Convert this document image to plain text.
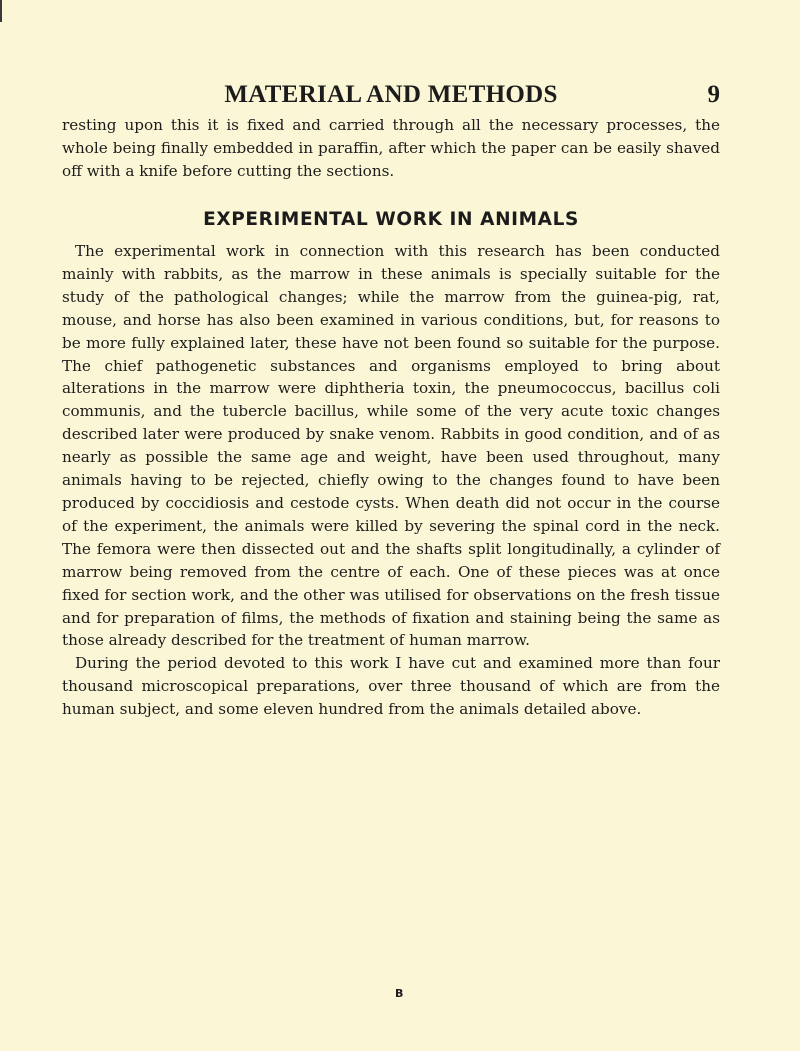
MATERIAL AND METHODS	9

resting upon this it is fixed and carried through all the necessary processes, the whole being finally embedded in paraffin, after which the paper can be easily shaved off with a knife before cutting the sections.

EXPERIMENTAL WORK IN ANIMALS

The experimental work in connection with this research has been conducted mainly with rabbits, as the marrow in these animals is specially suitable for the study of the pathological changes; while the marrow from the guinea-pig, rat, mouse, and horse has also been examined in various conditions, but, for reasons to be more fully explained later, these have not been found so suitable for the purpose. The chief pathogenetic substances and organisms employed to bring about alterations in the marrow were diphtheria toxin, the pneumococcus, bacillus coli communis, and the tubercle bacillus, while some of the very acute toxic changes described later were produced by snake venom. Rabbits in good condition, and of as nearly as possible the same age and weight, have been used throughout, many animals having to be rejected, chiefly owing to the changes found to have been produced by coccidiosis and cestode cysts. When death did not occur in the course of the experiment, the animals were killed by severing the spinal cord in the neck. The femora were then dissected out and the shafts split longitudinally, a cylinder of marrow being removed from the centre of each. One of these pieces was at once fixed for section work, and the other was utilised for observations on the fresh tissue and for preparation of films, the methods of fixation and staining being the same as those already described for the treatment of human marrow.

During the period devoted to this work I have cut and examined more than four thousand microscopical preparations, over three thousand of which are from the human subject, and some eleven hundred from the animals detailed above.

B
